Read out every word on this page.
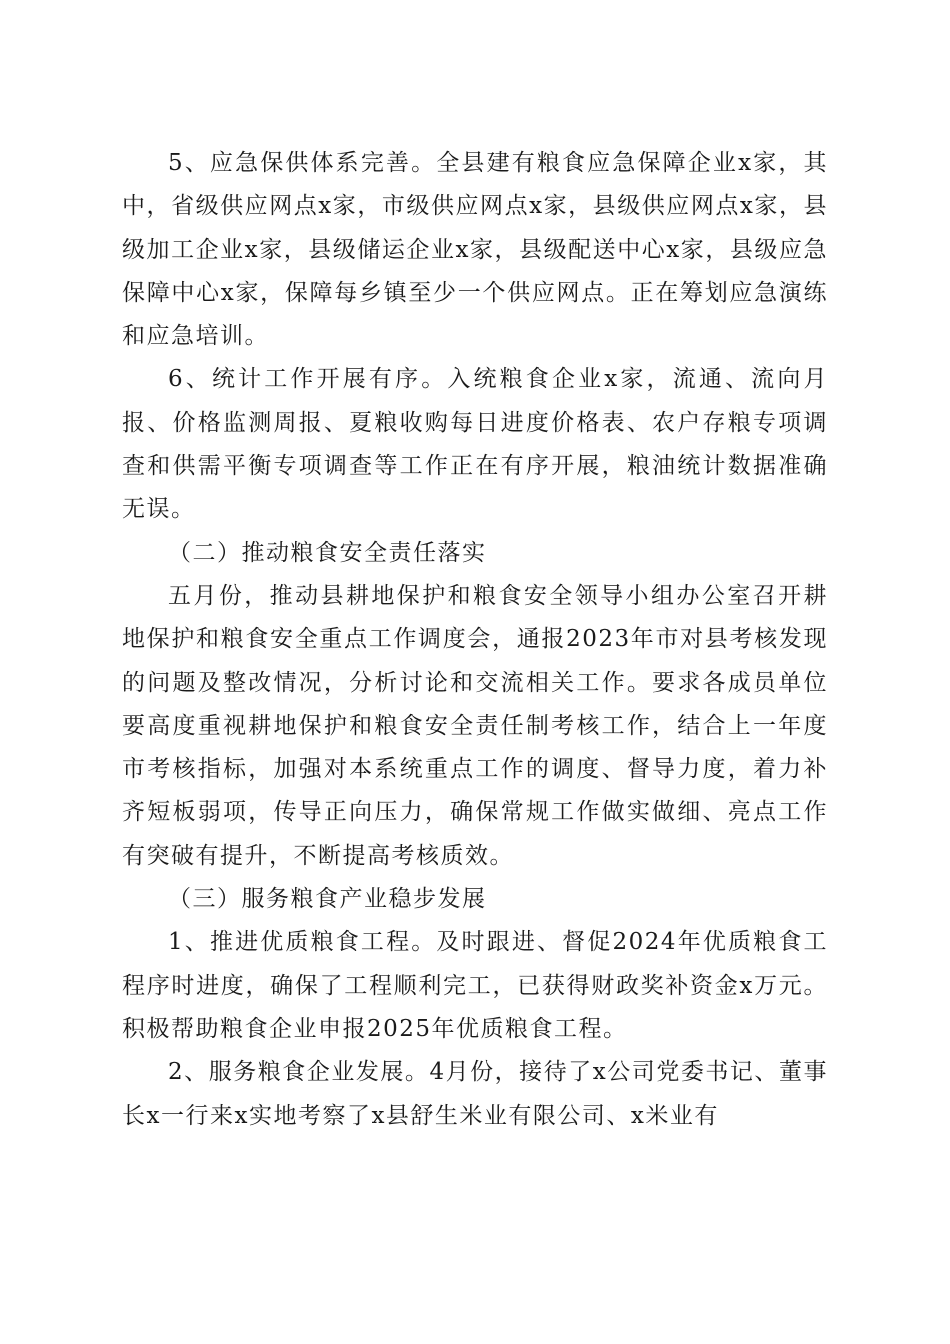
5、应急保供体系完善。全县建有粮食应急保障企业x家，其中，省级供应网点x家，市级供应网点x家，县级供应网点x家，县级加工企业x家，县级储运企业x家，县级配送中心x家，县级应急保障中心x家，保障每乡镇至少一个供应网点。正在筹划应急演练和应急培训。

6、统计工作开展有序。入统粮食企业x家，流通、流向月报、价格监测周报、夏粮收购每日进度价格表、农户存粮专项调查和供需平衡专项调查等工作正在有序开展，粮油统计数据准确无误。

（二）推动粮食安全责任落实

五月份，推动县耕地保护和粮食安全领导小组办公室召开耕地保护和粮食安全重点工作调度会，通报2023年市对县考核发现的问题及整改情况，分析讨论和交流相关工作。要求各成员单位要高度重视耕地保护和粮食安全责任制考核工作，结合上一年度市考核指标，加强对本系统重点工作的调度、督导力度，着力补齐短板弱项，传导正向压力，确保常规工作做实做细、亮点工作有突破有提升，不断提高考核质效。

（三）服务粮食产业稳步发展

1、推进优质粮食工程。及时跟进、督促2024年优质粮食工程序时进度，确保了工程顺利完工，已获得财政奖补资金x万元。积极帮助粮食企业申报2025年优质粮食工程。

2、服务粮食企业发展。4月份，接待了x公司党委书记、董事长x一行来x实地考察了x县舒生米业有限公司、x米业有
